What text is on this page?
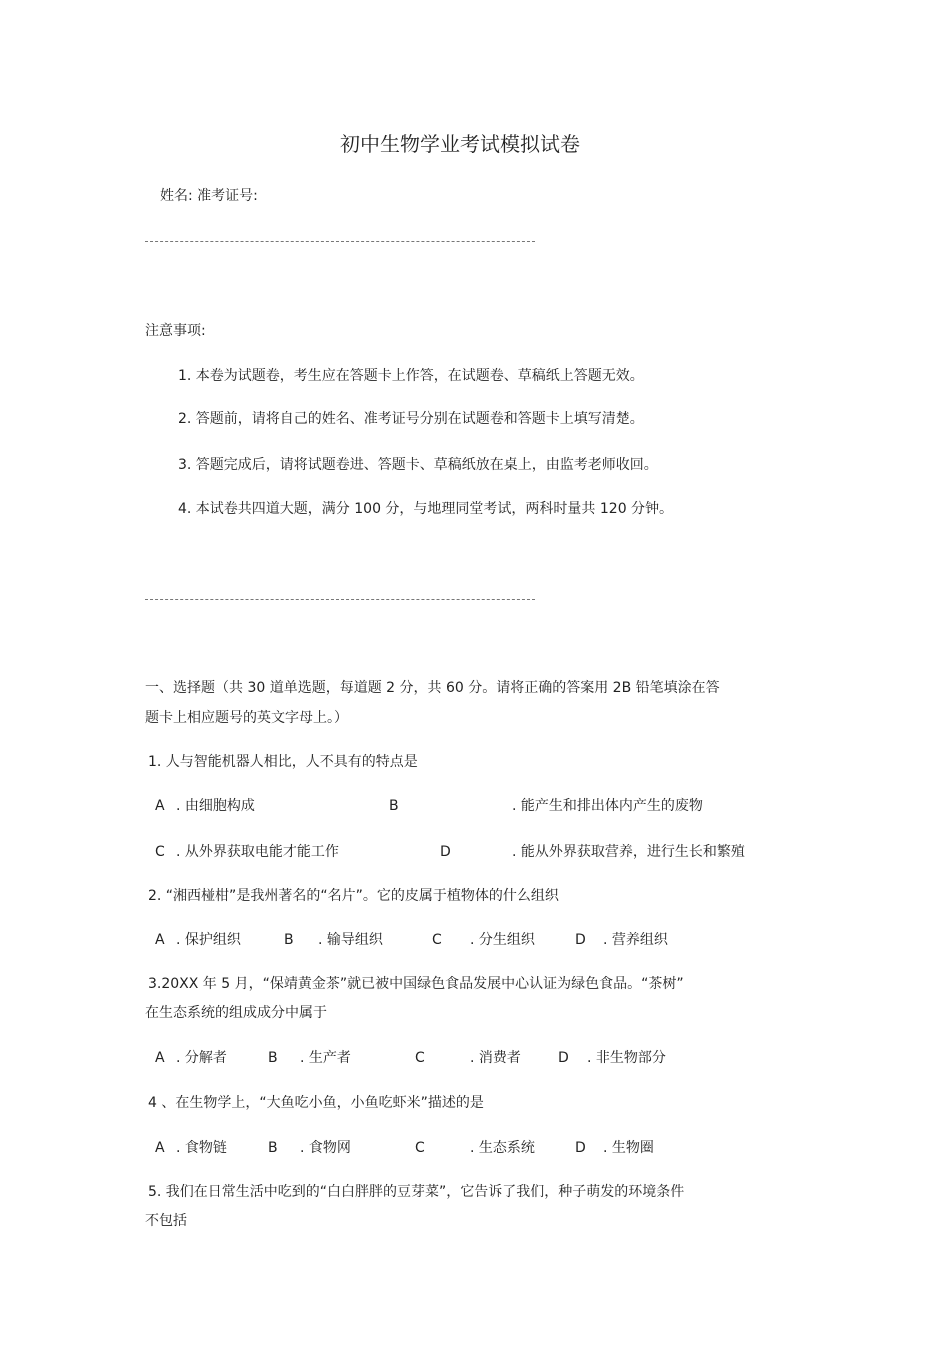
初中生物学业考试模拟试卷
姓名: 准考证号:
注意事项:
1. 本卷为试题卷，考生应在答题卡上作答，在试题卷、草稿纸上答题无效。
2. 答题前，请将自己的姓名、准考证号分别在试题卷和答题卡上填写清楚。
3. 答题完成后，请将试题卷进、答题卡、草稿纸放在桌上，由监考老师收回。
4. 本试卷共四道大题，满分 100 分，与地理同堂考试，两科时量共 120 分钟。
一、选择题（共 30 道单选题，每道题 2 分，共 60 分。请将正确的答案用 2B 铅笔填涂在答
题卡上相应题号的英文字母上。）
1. 人与智能机器人相比，人不具有的特点是
A . 由细胞构成	B	. 能产生和排出体内产生的废物
C . 从外界获取电能才能工作	D	. 能从外界获取营养，进行生长和繁殖
2. “湘西椪柑”是我州著名的“名片”。它的皮属于植物体的什么组织
A . 保护组织	B . 输导组织	C . 分生组织	D . 营养组织
3.20XX 年 5 月，“保靖黄金茶”就已被中国绿色食品发展中心认证为绿色食品。“茶树”
在生态系统的组成成分中属于
A . 分解者	B . 生产者	C	. 消费者	D . 非生物部分
4 、在生物学上，“大鱼吃小鱼，小鱼吃虾米”描述的是
A . 食物链	B . 食物网	C	. 生态系统	D . 生物圈
5. 我们在日常生活中吃到的“白白胖胖的豆芽菜”，它告诉了我们，种子萌发的环境条件
不包括
